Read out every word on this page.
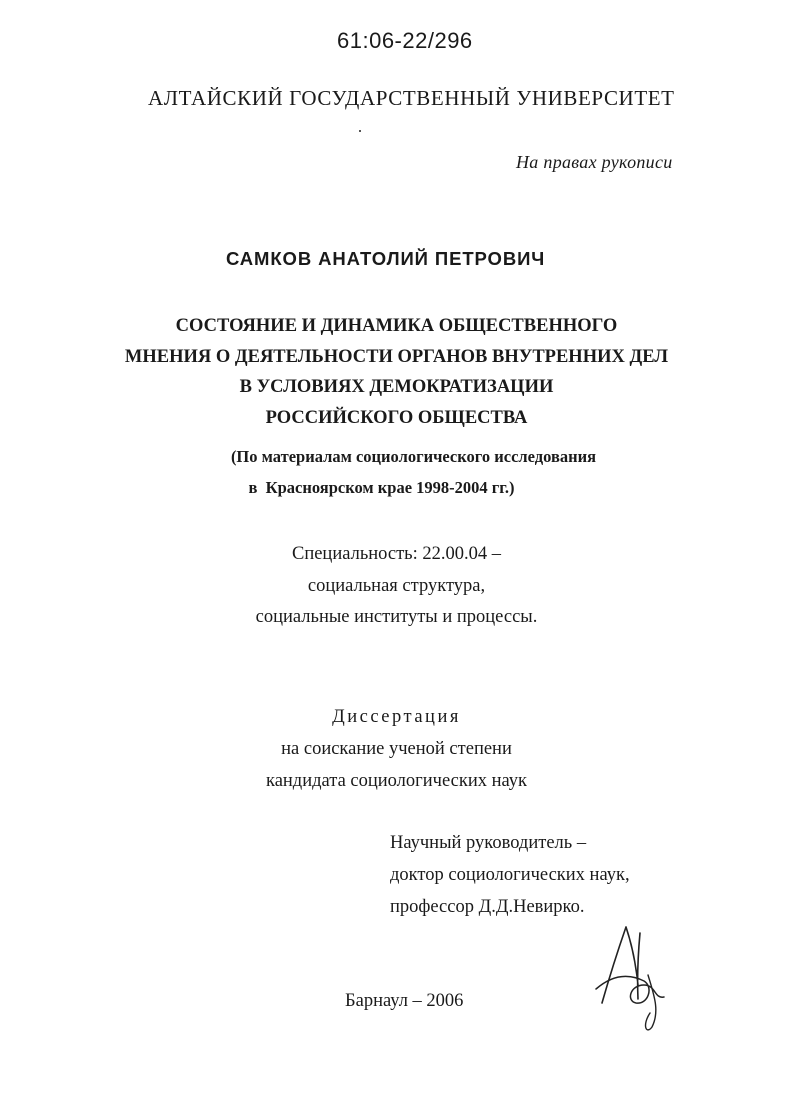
61:06-22/296
АЛТАЙСКИЙ ГОСУДАРСТВЕННЫЙ УНИВЕРСИТЕТ
На правах рукописи
САМКОВ АНАТОЛИЙ ПЕТРОВИЧ
СОСТОЯНИЕ И ДИНАМИКА ОБЩЕСТВЕННОГО
МНЕНИЯ О ДЕЯТЕЛЬНОСТИ ОРГАНОВ ВНУТРЕННИХ ДЕЛ
В УСЛОВИЯХ ДЕМОКРАТИЗАЦИИ
РОССИЙСКОГО ОБЩЕСТВА
(По материалам социологического исследования
в  Красноярском крае 1998-2004 гг.)
Специальность: 22.00.04 –
социальная структура,
социальные институты и процессы.
Диссертация
на соискание ученой степени
кандидата социологических наук
Научный руководитель –
доктор социологических наук,
профессор Д.Д.Невирко.
Барнаул – 2006
